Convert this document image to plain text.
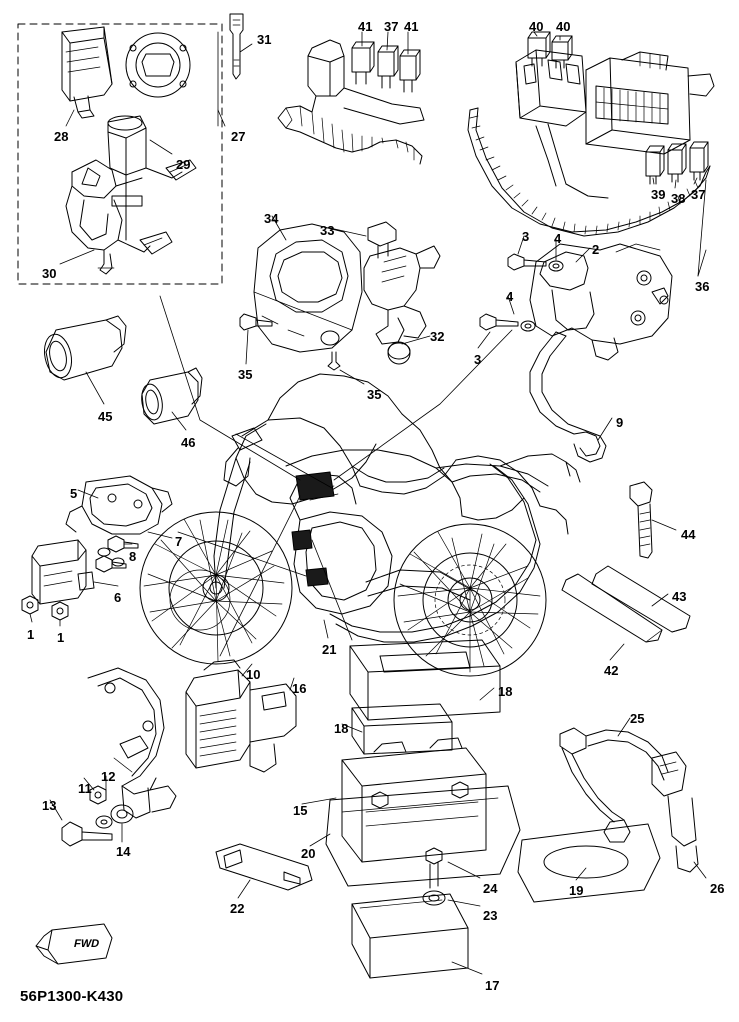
FWD
56P1300-K430
31
41 37 41	40 40
28	27
29
39 38 37
36
30
34
33	3 4
2
4
3
32
35
35
9
45
46
5
7
8
6
1 1
44
43
42
21
10
16	18
18
25
11
12
13
14
15
20
22
19	26
24
23
17
